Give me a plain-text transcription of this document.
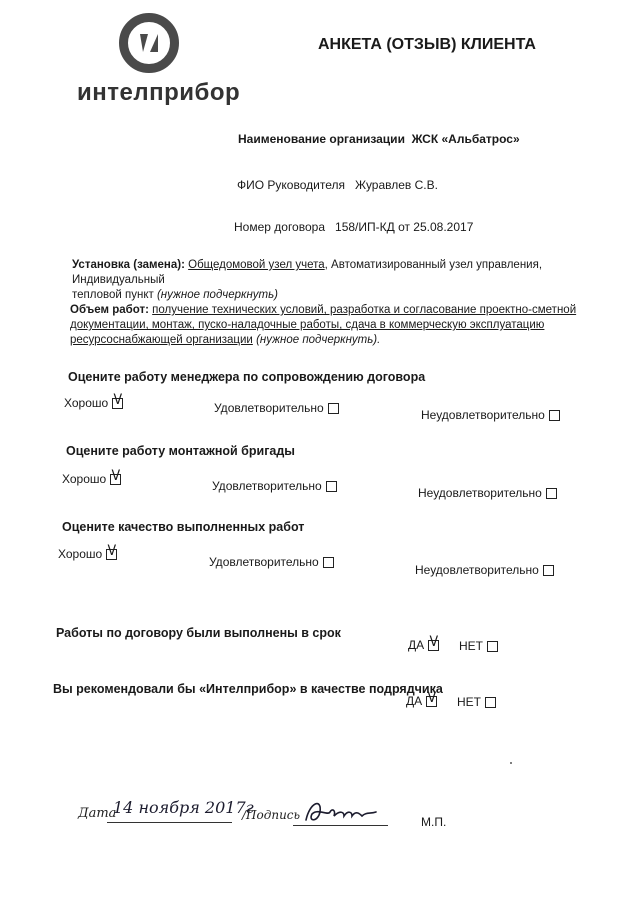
интелприбор
АНКЕТА (ОТЗЫВ) КЛИЕНТА
Наименование организации ЖСК «Альбатрос»
ФИО Руководителя Журавлев С.В.
Номер договора 158/ИП-КД от 25.08.2017
Установка (замена): Общедомовой узел учета, Автоматизированный узел управления, Индивидуальный
тепловой пункт (нужное подчеркнуть)
Объем работ: получение технических условий, разработка и согласование проектно-сметной
документации, монтаж, пуско-наладочные работы, сдача в коммерческую эксплуатацию
ресурсоснабжающей организации (нужное подчеркнуть).
Оцените работу менеджера по сопровождению договора
Хорошо V	Удовлетворительно	Неудовлетворительно
Оцените работу монтажной бригады
Хорошо V	Удовлетворительно	Неудовлетворительно
Оцените качество выполненных работ
ХорошоV
Удовлетворительно
Неудовлетворительно
Работы по договору были выполнены в срок
ДА V	НЕТ
Вы рекомендовали бы «Интелприбор» в качестве подрядчика
ДА V	НЕТ
Дата
14 ноября 2017г
/Подпись	М.П.
